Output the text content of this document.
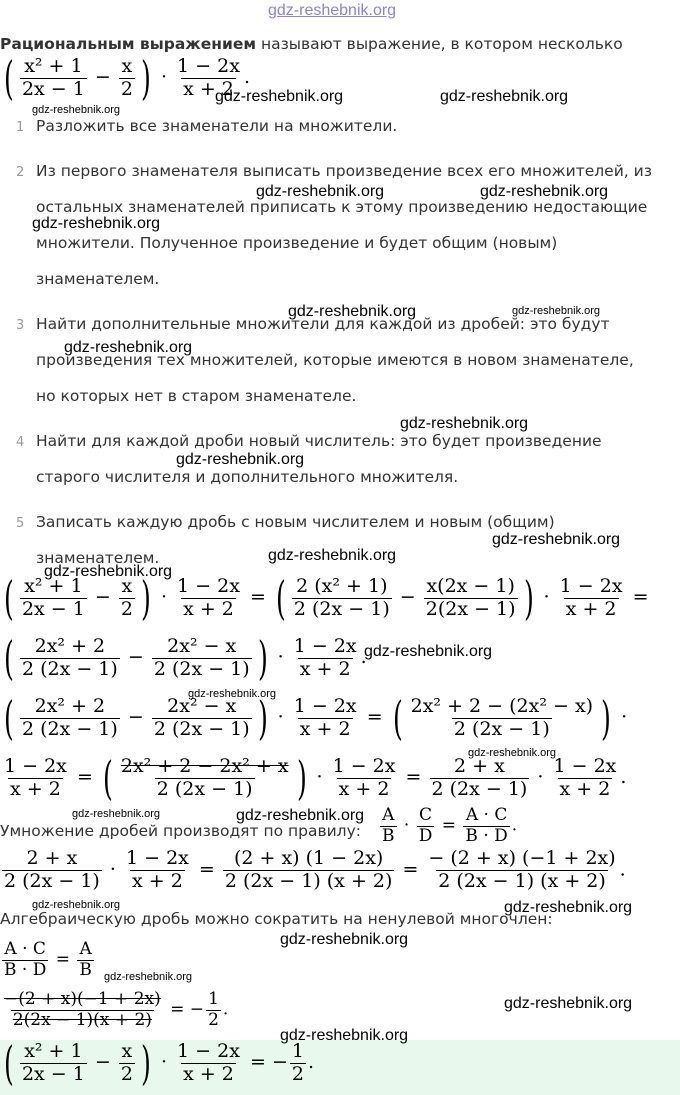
gdz-reshebnik.org
Рациональным выражением называют выражение, в котором несколько
( $\frac{\text{x² + 1}}{2x - 1} - \frac{x}{2}$ ) · $\frac{1 - 2x}{x + 2}$ .
1 Разложить все знаменатели на множители.
2 Из первого знаменателя выписать произведение всех его множителей, из
остальных знаменателей приписать к этому произведению недостающие
множители. Полученное произведение и будет общим (новым)
знаменателем.
3 Найти дополнительные множители для каждой из дробей: это будут
произведения тех множителей, которые имеются в новом знаменателе,
но которых нет в старом знаменателе.
4 Найти для каждой дроби новый числитель: это будет произведение
старого числителя и дополнительного множителя.
5 Записать каждую дробь с новым числителем и новым (общим)
знаменателем.
( $\frac{\text{x² + 1}}{2x - 1} - \frac{x}{2}$ ) · $\frac{1 - 2x}{x + 2}$ = ( $\frac{\text{2 (x² + 1)}}{2 (2x - 1)} - \frac{x(2x - 1)}{2(2x - 1)}$ ) · $\frac{1 - 2x}{x + 2}$ =
( $\frac{\text{2x² + 2}}{2 (2x - 1)} - \frac{\text{2x² − x}}{2 (2x - 1)}$ ) · $\frac{1 - 2x}{x + 2}$ .
( $\frac{\text{2x² + 2}}{2 (2x - 1)} - \frac{\text{2x² − x}}{2 (2x - 1)}$ ) · $\frac{1 - 2x}{x + 2}$ = ( $\frac{\text{2x² + 2 − (2x² − x)}}{2 (2x - 1)}$ ) ·
$\frac{1 - 2x}{x + 2}$ = ( $\frac{\text{2x² + 2 − 2x² + x}}{2 (2x - 1)}$ ) · $\frac{1 - 2x}{x + 2} = \frac{2 + x}{2 (2x - 1)} \cdot \frac{1 - 2x}{x + 2}$ .
Умножение дробей производят по правилу: $\frac{A}{B} \cdot \frac{C}{D} = \frac{A \cdot C}{B \cdot D}$ .
$\frac{2 + x}{2 (2x - 1)} \cdot \frac{1 - 2x}{x + 2} = \frac{(2 + x) (1 - 2x)}{2 (2x - 1) (x + 2)} = \frac{- (2 + x) (-1 + 2x)}{2 (2x - 1) (x + 2)}$ .
Алгебраическую дробь можно сократить на ненулевой многочлен:
$\frac{A \cdot C}{B \cdot D} = \frac{A}{B}$
$\frac{-(2 + x)(-1 + 2x)}{2(2x - 1)(x + 2)}$ = − $\frac{1}{2}$ .
( $\frac{\text{x² + 1}}{2x - 1} - \frac{x}{2}$ ) · $\frac{1 - 2x}{x + 2}$ = − $\frac{1}{2}$ .
gdz-reshebnik.org	gdz-reshebnik.org
gdz-reshebnik.org
gdz-reshebnik.org	gdz-reshebnik.org
gdz-reshebnik.org
gdz-reshebnik.org	gdz-reshebnik.org
gdz-reshebnik.org
gdz-reshebnik.org
gdz-reshebnik.org
gdz-reshebnik.org
gdz-reshebnik.org
gdz-reshebnik.org
gdz-reshebnik.org
gdz-reshebnik.org
gdz-reshebnik.org
gdz-reshebnik.org	gdz-reshebnik.org
gdz-reshebnik.org	gdz-reshebnik.org
gdz-reshebnik.org
gdz-reshebnik.org
gdz-reshebnik.org
gdz-reshebnik.org
